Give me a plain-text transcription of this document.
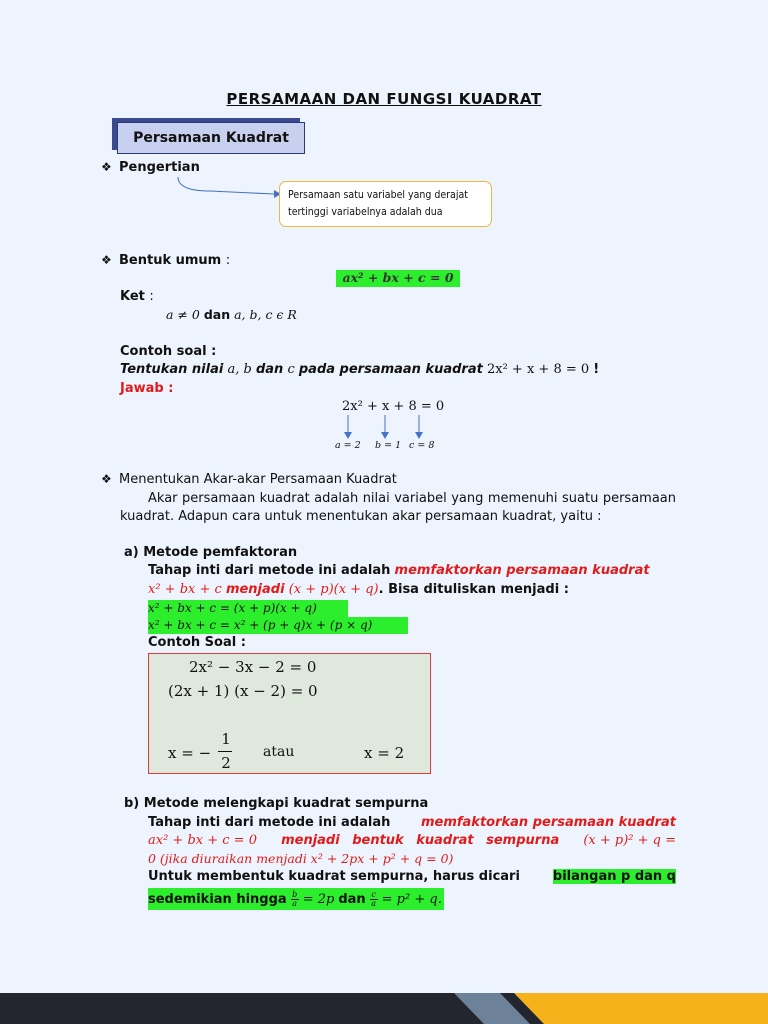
PERSAMAAN DAN FUNGSI KUADRAT
Persamaan Kuadrat
❖ Pengertian
Persamaan satu variabel yang derajat tertinggi variabelnya adalah dua
❖ Bentuk umum :
ax² + bx + c = 0
Ket :
a ≠ 0 dan a, b, c ϵ R
Contoh soal :
Tentukan nilai a, b dan c pada persamaan kuadrat 2x² + x + 8 = 0 !
Jawab :
2x² + x + 8 = 0
a = 2 b = 1 c = 8
❖ Menentukan Akar-akar Persamaan Kuadrat
Akar persamaan kuadrat adalah nilai variabel yang memenuhi suatu persamaan kuadrat. Adapun cara untuk menentukan akar persamaan kuadrat, yaitu :
a) Metode pemfaktoran
Tahap inti dari metode ini adalah memfaktorkan persamaan kuadrat
x² + bx + c menjadi (x + p)(x + q). Bisa dituliskan menjadi :
x² + bx + c = (x + p)(x + q)
x² + bx + c = x² + (p + q)x + (p × q)
Contoh Soal :
2x² − 3x − 2 = 0
(2x + 1) (x − 2) = 0
x = −
1
2
atau	x = 2
b) Metode melengkapi kuadrat sempurna
Tahap inti dari metode ini adalah memfaktorkan persamaan kuadrat
ax² + bx + c = 0 menjadi bentuk kuadrat sempurna (x + p)² + q =
0 (jika diuraikan menjadi x² + 2px + p² + q = 0)
Untuk membentuk kuadrat sempurna, harus dicari	bilangan p dan q
sedemikian hingga $\frac{b}{a} = 2p$ dan $\frac{c}{a} = p^2 + q$.
